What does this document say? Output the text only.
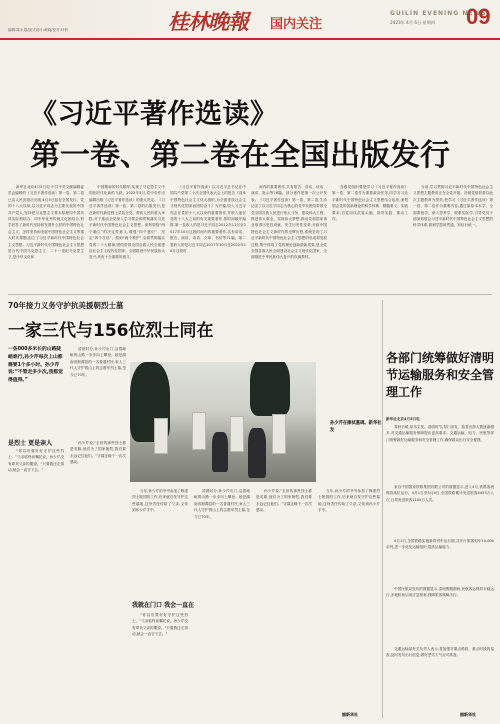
编辑:陈永超/版式设计:黄晓/校对:叶松	桂林晚報 国内关注
GUILIN EVENING NEWS
2023年 4月 6日 星期四 09
《习近平著作选读》
第一卷、第二卷在全国出版发行
新华社北京4月5日电 中共中央文献编辑委员会编辑的《习近平著作选读》第一卷、第二卷已由人民出版社出版,4月5日起在全国发行。党的十八大以来,以习近平同志为主要代表的中国共产党人,坚持把马克思主义基本原理同中国具体实际相结合、同中华优秀传统文化相结合,科学回答了新时代坚持和发展什么样的中国特色社会主义、怎样坚持和发展中国特色社会主义等重大时代课题,创立了习近平新时代中国特色社会主义思想。习近平新时代中国特色社会主义思想是当代中国马克思主义、二十一世纪马克思主义,是中华文化和
中国精神的时代精华,实现了马克思主义中国化时代化新的飞跃。2022年5月,党中央作出编辑出版《习近平著作选读》的重大决定。《习近平著作选读》第一卷、第二卷的出版发行,是在新时代新征程上武装全党、教育人民的重大举措,对于推动全党深入学习领会和贯彻落实习近平新时代中国特色社会主义思想、深刻领悟“两个确立”的决定性意义,增强“四个意识”、坚定“四个自信”、做到“两个维护”,全面贯彻落实党的二十大精神,团结带领全国各族人民全面建设社会主义现代化国家、全面推进中华民族伟大复兴,具有十分重要的意义。
《习近平著作选读》以习近平总书记在中国共产党第二十次全国代表大会上的报告《高举中国特色社会主义伟大旗帜,为全面建设社会主义现代化国家而团结奋斗》为开篇,收入习近平同志在党的十八大以来的重要著作,并收入他在党的十八大之前的有关重要著作,按时间顺序编排,第一卷收入的是习近平同志2012年11月至2017年10月这段时间内的重要著作,共有讲话、报告、演讲、谈话、文章、书信等71篇。第二卷收入的是习近平同志2017年10月至2022年10月这段时
间内的重要著作,共有报告、讲话、谈话、演讲、批示等76篇。部分著作是第一次公开发表。《习近平著作选读》第一卷、第二卷,生动记录了以习近平同志为核心的党中央团结带领全党全国各族人民进行伟大斗争、建设伟大工程、推进伟大事业、实现伟大梦想,推动党和国家事业取得历史性成就、发生历史性变革,开辟中国特色社会主义新时代的光辉历程,系统呈现了习近平新时代中国特色社会主义思想的形成和发展过程,集中体现了党的理论创新最新成果,是全党全国各族人民全面建设社会主义现代化国家、全面推进中华民族伟大复兴的权威教材。
各级党组织要把学习《习近平著作选读》第一卷、第二卷作为重要政治任务,同学习习近平新时代中国特色社会主义思想结合起来,深刻领会党的创新理论的科学体系、精髓要义、实践要求,自觉用以武装头脑、指导实践、推动工作。
当前,学习贯彻习近平新时代中国特色社会主义思想主题教育正在全党开展。各级党组织要以此次主题教育为契机,把学习《习近平著作选读》第一卷、第二卷作为重要内容,通过原原本本学、全面系统学、深入思考学、联系实际学,引导党员干部深刻领会习近平新时代中国特色社会主义思想的科学体系,做到学思用贯通、知信行统一。
70年接力义务守护抗美援朝烈士墓
一家三代与156位烈士同在
一条000多米长的山路陡峭难行,孙少芹每次上山都需要1个多小时。孙少芹说:“不管走多少次,我都觉得值得。”
是烈士 更是亲人
清晨时分,孙少芹出门,沿着崎岖的山路一步步向上攀登。她是湖南省湘潭县的一名普通村民,家人三代人守护着山上的志愿军烈士墓,至今已70年。
“你以后要好好守护这些烈士。”父亲临终前嘱托说。孙少芹没有辜负父亲的期望。“只要我还走得动,就会一直守下去。”
孙少芹说,“去世的那些烈士都是英雄,他们为了国家牺牲,我们要永远记住他们。”守墓还缘于一次次感动。
当年,孙少芹的爷爷参加了修建烈士陵园的工作,后来就自发守护这些墓地,这份责任传给了父亲,又传到孙少芹手中。
我就在门口 我会一直在
“你以后要好好守护这些烈士。”父亲临终前嘱托说。孙少芹没有辜负父亲的期望。“只要我还走得动,就会一直守下去。”
清晨时分,孙少芹出门,沿着崎岖的山路一步步向上攀登。她是湖南省湘潭县的一名普通村民,家人三代人守护着山上的志愿军烈士墓,至今已70年。
孙少芹说,“去世的那些烈士都是英雄,他们为了国家牺牲,我们要永远记住他们。”守墓还缘于一次次感动。
当年,孙少芹的爷爷参加了修建烈士陵园的工作,后来就自发守护这些墓地,这份责任传给了父亲,又传到孙少芹手中。
据新华社
孙少芹在擦拭墓碑。新华社发
各部门统筹做好清明节运输服务和安全管理工作
新华社北京4月5日电
春回日暖,草木生发。清明时节,祭扫亲友、踏青出游人数逐渐增多,对交通运输服务保障提出更高要求。交通运输、电力、民航等部门统筹做好运输服务和安全管理工作,确保群众出行安全便捷。
来自中国国家铁路集团有限公司的数据显示,进入4月,铁路客流保持高位运行。4月1日至4月4日,全国铁路累计发送旅客4423万人次,日均发送旅客1105万人次。
4月1日,全国铁路实施新的列车运行图,共开行旅客列车10,000余列,进一步优化运输组织,提高运输能力。
中国民航局发布的数据显示,清明假期期间,民航客运保持平稳运行,多地机场启用应急预案,保障旅客顺畅出行。
交通运输部有关负责人表示,将加强对重点路段、重点时段的巡查,及时发布出行信息,做好恶劣天气应对准备。
据新华社
